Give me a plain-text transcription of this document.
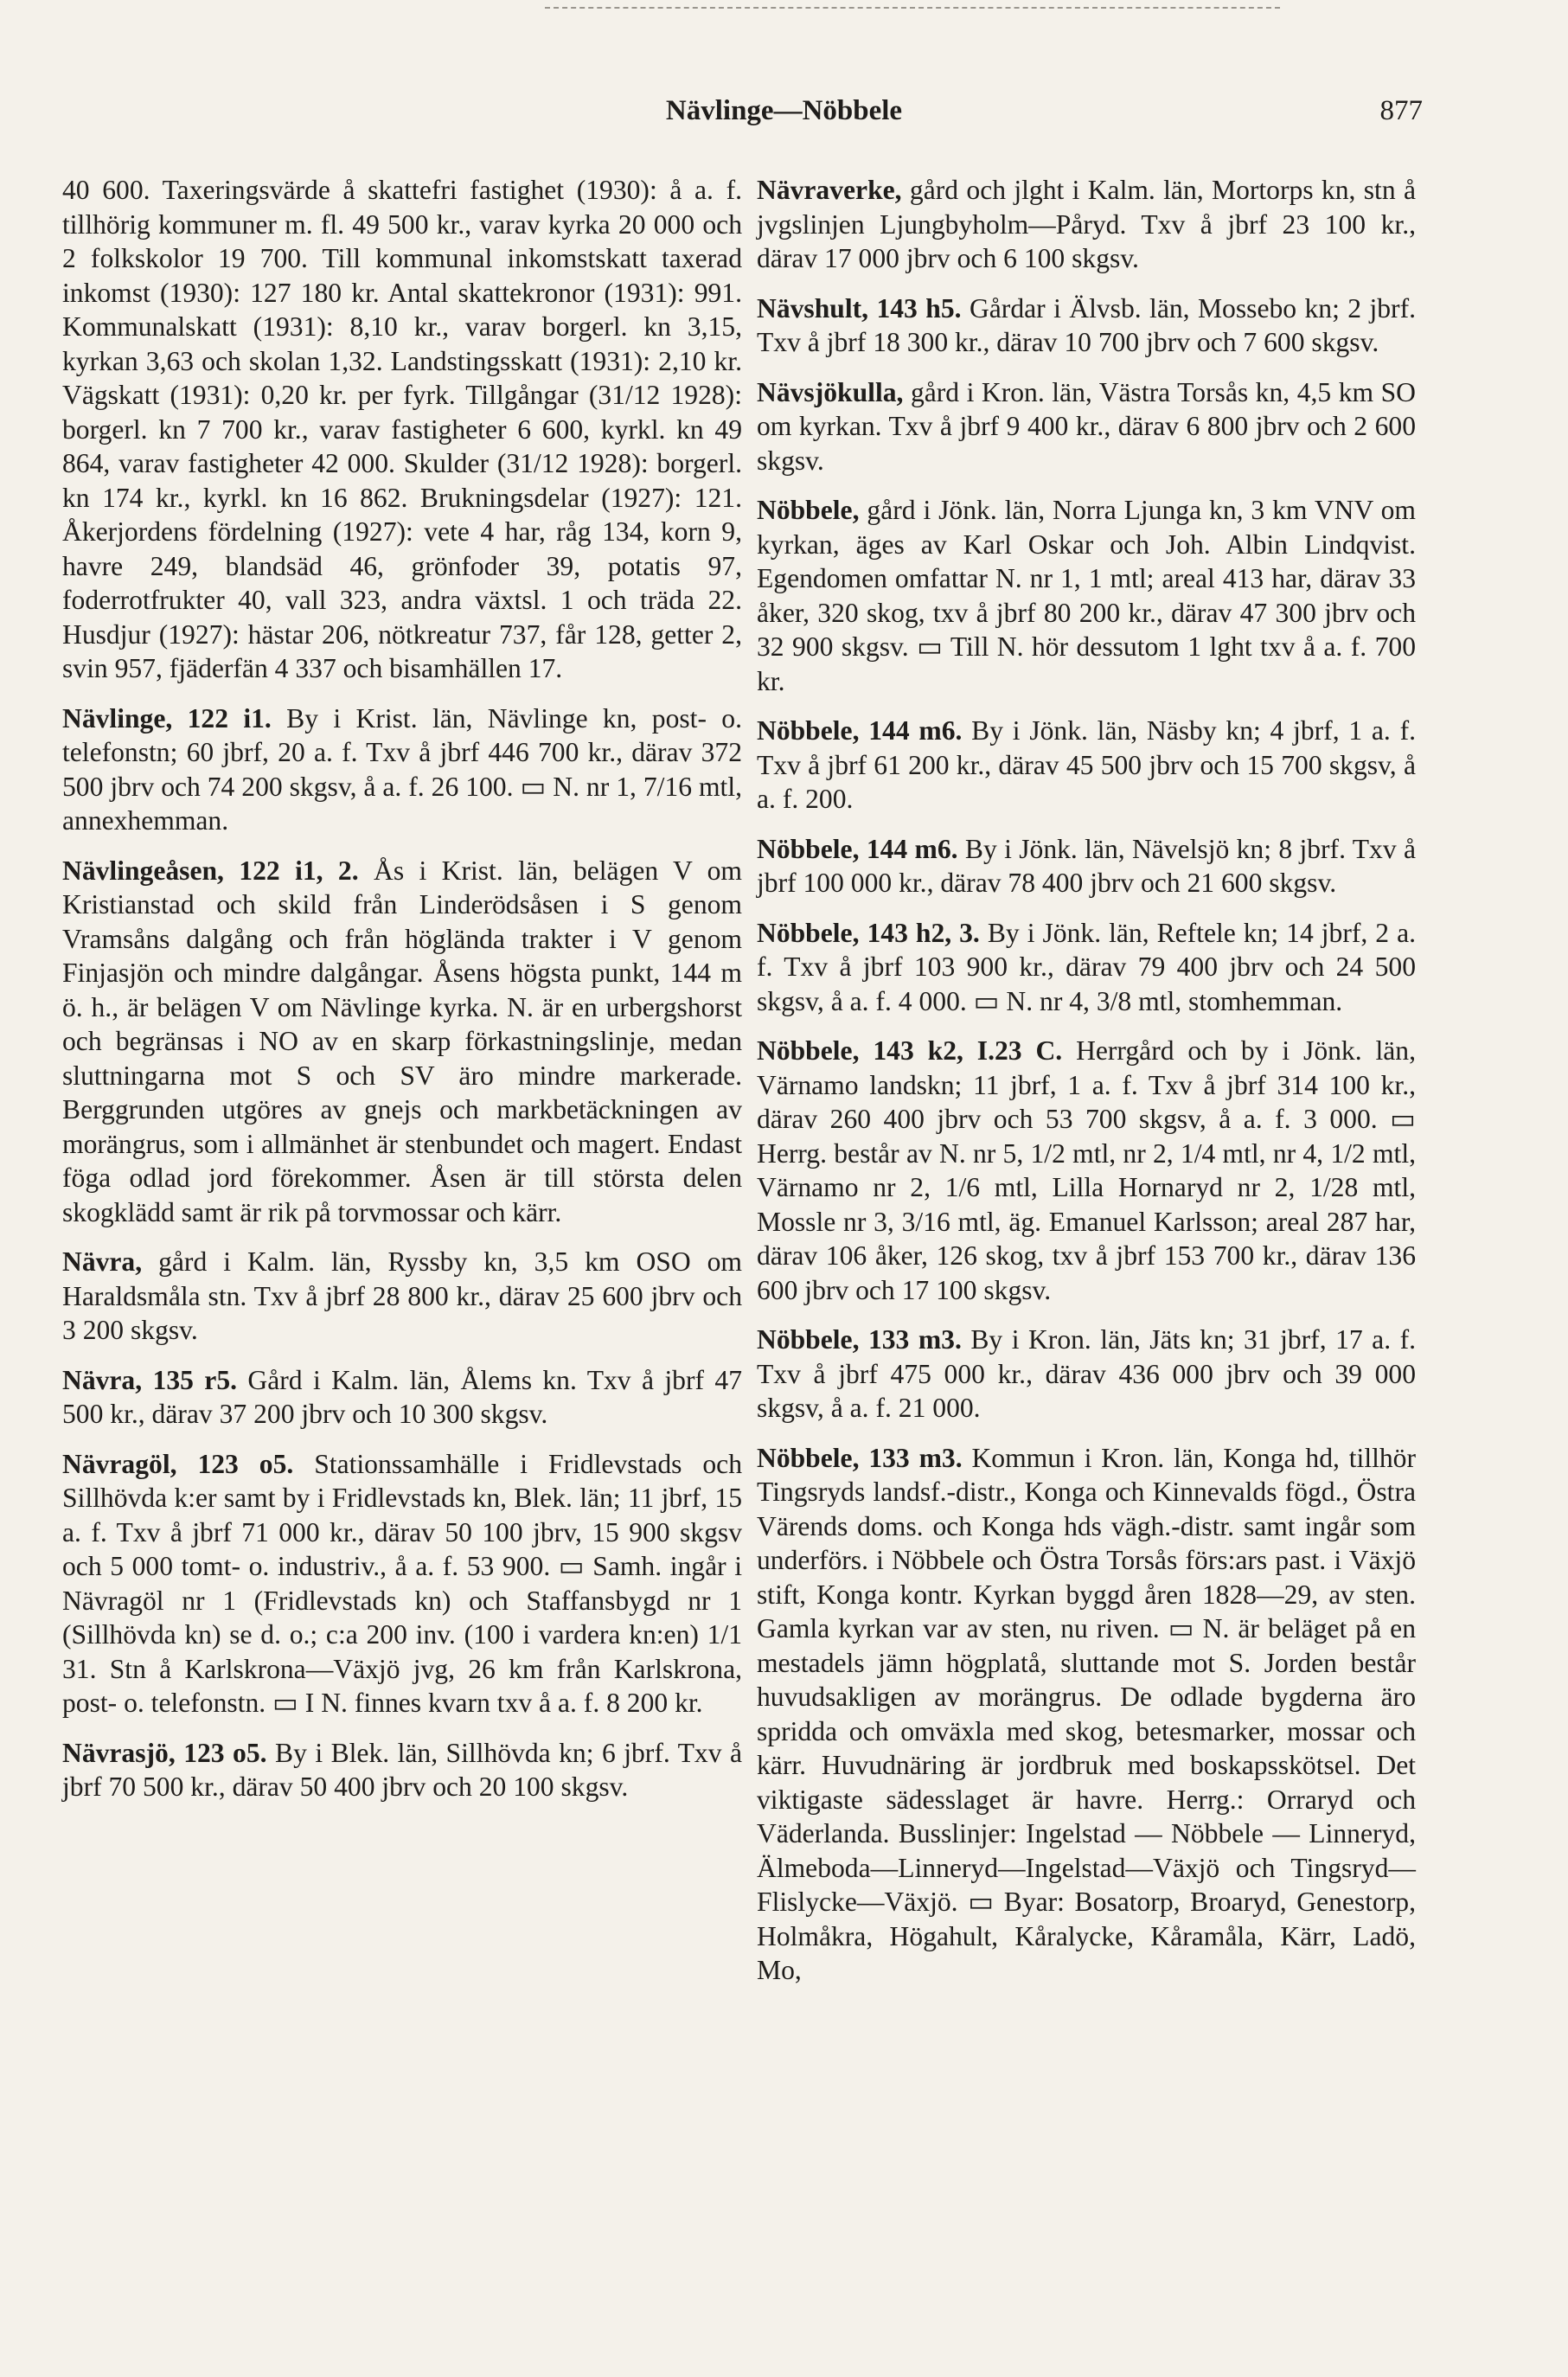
Nävlinge—Nöbbele	877

40 600. Taxeringsvärde å skattefri fastighet (1930): å a. f. tillhörig kommuner m. fl. 49 500 kr., varav kyrka 20 000 och 2 folkskolor 19 700. Till kommunal inkomstskatt taxerad inkomst (1930): 127 180 kr. Antal skattekronor (1931): 991. Kommunalskatt (1931): 8,10 kr., varav borgerl. kn 3,15, kyrkan 3,63 och skolan 1,32. Landstingsskatt (1931): 2,10 kr. Vägskatt (1931): 0,20 kr. per fyrk. Tillgångar (31/12 1928): borgerl. kn 7 700 kr., varav fastigheter 6 600, kyrkl. kn 49 864, varav fastigheter 42 000. Skulder (31/12 1928): borgerl. kn 174 kr., kyrkl. kn 16 862. Brukningsdelar (1927): 121. Åkerjordens fördelning (1927): vete 4 har, råg 134, korn 9, havre 249, blandsäd 46, grönfoder 39, potatis 97, foderrotfrukter 40, vall 323, andra växtsl. 1 och träda 22. Husdjur (1927): hästar 206, nötkreatur 737, får 128, getter 2, svin 957, fjäderfän 4 337 och bisamhällen 17.

Nävlinge, 122 i1. By i Krist. län, Nävlinge kn, post- o. telefonstn; 60 jbrf, 20 a. f. Txv å jbrf 446 700 kr., därav 372 500 jbrv och 74 200 skgsv, å a. f. 26 100. ▭ N. nr 1, 7/16 mtl, annexhemman.

Nävlingeåsen, 122 i1, 2. Ås i Krist. län, belägen V om Kristianstad och skild från Linderödsåsen i S genom Vramsåns dalgång och från höglända trakter i V genom Finjasjön och mindre dalgångar. Åsens högsta punkt, 144 m ö. h., är belägen V om Nävlinge kyrka. N. är en urbergshorst och begränsas i NO av en skarp förkastningslinje, medan sluttningarna mot S och SV äro mindre markerade. Berggrunden utgöres av gnejs och markbetäckningen av morängrus, som i allmänhet är stenbundet och magert. Endast föga odlad jord förekommer. Åsen är till största delen skogklädd samt är rik på torvmossar och kärr.

Nävra, gård i Kalm. län, Ryssby kn, 3,5 km OSO om Haraldsmåla stn. Txv å jbrf 28 800 kr., därav 25 600 jbrv och 3 200 skgsv.

Nävra, 135 r5. Gård i Kalm. län, Ålems kn. Txv å jbrf 47 500 kr., därav 37 200 jbrv och 10 300 skgsv.

Nävragöl, 123 o5. Stationssamhälle i Fridlevstads och Sillhövda k:er samt by i Fridlevstads kn, Blek. län; 11 jbrf, 15 a. f. Txv å jbrf 71 000 kr., därav 50 100 jbrv, 15 900 skgsv och 5 000 tomt- o. industriv., å a. f. 53 900. ▭ Samh. ingår i Nävragöl nr 1 (Fridlevstads kn) och Staffansbygd nr 1 (Sillhövda kn) se d. o.; c:a 200 inv. (100 i varderа kn:en) 1/1 31. Stn å Karlskrona—Växjö jvg, 26 km från Karlskrona, post- o. telefonstn. ▭ I N. finnes kvarn txv å a. f. 8 200 kr.

Nävrasjö, 123 o5. By i Blek. län, Sillhövda kn; 6 jbrf. Txv å jbrf 70 500 kr., därav 50 400 jbrv och 20 100 skgsv.

Nävraverke, gård och jlght i Kalm. län, Mortorps kn, stn å jvgslinjen Ljungbyholm—Påryd. Txv å jbrf 23 100 kr., därav 17 000 jbrv och 6 100 skgsv.

Nävshult, 143 h5. Gårdar i Älvsb. län, Mossebo kn; 2 jbrf. Txv å jbrf 18 300 kr., därav 10 700 jbrv och 7 600 skgsv.

Nävsjökulla, gård i Kron. län, Västra Torsås kn, 4,5 km SO om kyrkan. Txv å jbrf 9 400 kr., därav 6 800 jbrv och 2 600 skgsv.

Nöbbele, gård i Jönk. län, Norra Ljunga kn, 3 km VNV om kyrkan, äges av Karl Oskar och Joh. Albin Lindqvist. Egendomen omfattar N. nr 1, 1 mtl; areal 413 har, därav 33 åker, 320 skog, txv å jbrf 80 200 kr., därav 47 300 jbrv och 32 900 skgsv. ▭ Till N. hör dessutom 1 lght txv å a. f. 700 kr.

Nöbbele, 144 m6. By i Jönk. län, Näsby kn; 4 jbrf, 1 a. f. Txv å jbrf 61 200 kr., därav 45 500 jbrv och 15 700 skgsv, å a. f. 200.

Nöbbele, 144 m6. By i Jönk. län, Nävelsjö kn; 8 jbrf. Txv å jbrf 100 000 kr., därav 78 400 jbrv och 21 600 skgsv.

Nöbbele, 143 h2, 3. By i Jönk. län, Reftele kn; 14 jbrf, 2 a. f. Txv å jbrf 103 900 kr., därav 79 400 jbrv och 24 500 skgsv, å a. f. 4 000. ▭ N. nr 4, 3/8 mtl, stomhemman.

Nöbbele, 143 k2, I.23 C. Herrgård och by i Jönk. län, Värnamo landskn; 11 jbrf, 1 a. f. Txv å jbrf 314 100 kr., därav 260 400 jbrv och 53 700 skgsv, å a. f. 3 000. ▭ Herrg. består av N. nr 5, 1/2 mtl, nr 2, 1/4 mtl, nr 4, 1/2 mtl, Värnamo nr 2, 1/6 mtl, Lilla Hornaryd nr 2, 1/28 mtl, Mossle nr 3, 3/16 mtl, äg. Emanuel Karlsson; areal 287 har, därav 106 åker, 126 skog, txv å jbrf 153 700 kr., därav 136 600 jbrv och 17 100 skgsv.

Nöbbele, 133 m3. By i Kron. län, Jäts kn; 31 jbrf, 17 a. f. Txv å jbrf 475 000 kr., därav 436 000 jbrv och 39 000 skgsv, å a. f. 21 000.

Nöbbele, 133 m3. Kommun i Kron. län, Konga hd, tillhör Tingsryds landsf.-distr., Konga och Kinnevalds fögd., Östra Värends doms. och Konga hds vägh.-distr. samt ingår som underförs. i Nöbbele och Östra Torsås förs:ars past. i Växjö stift, Konga kontr. Kyrkan byggd åren 1828—29, av sten. Gamla kyrkan var av sten, nu riven. ▭ N. är beläget på en mestadels jämn högplatå, sluttande mot S. Jorden består huvudsakligen av morängrus. De odlade bygderna äro spridda och omväxla med skog, betesmarker, mossar och kärr. Huvudnäring är jordbruk med boskapsskötsel. Det viktigaste sädesslaget är havre. Herrg.: Orraryd och Väderlanda. Busslinjer: Ingelstad — Nöbbele — Linneryd, Älmeboda—Linneryd—Ingelstad—Växjö och Tingsryd—Flislycke—Växjö. ▭ Byar: Bosatorp, Broaryd, Genestorp, Holmåkra, Högahult, Kåralycke, Kåramåla, Kärr, Ladö, Mo,
